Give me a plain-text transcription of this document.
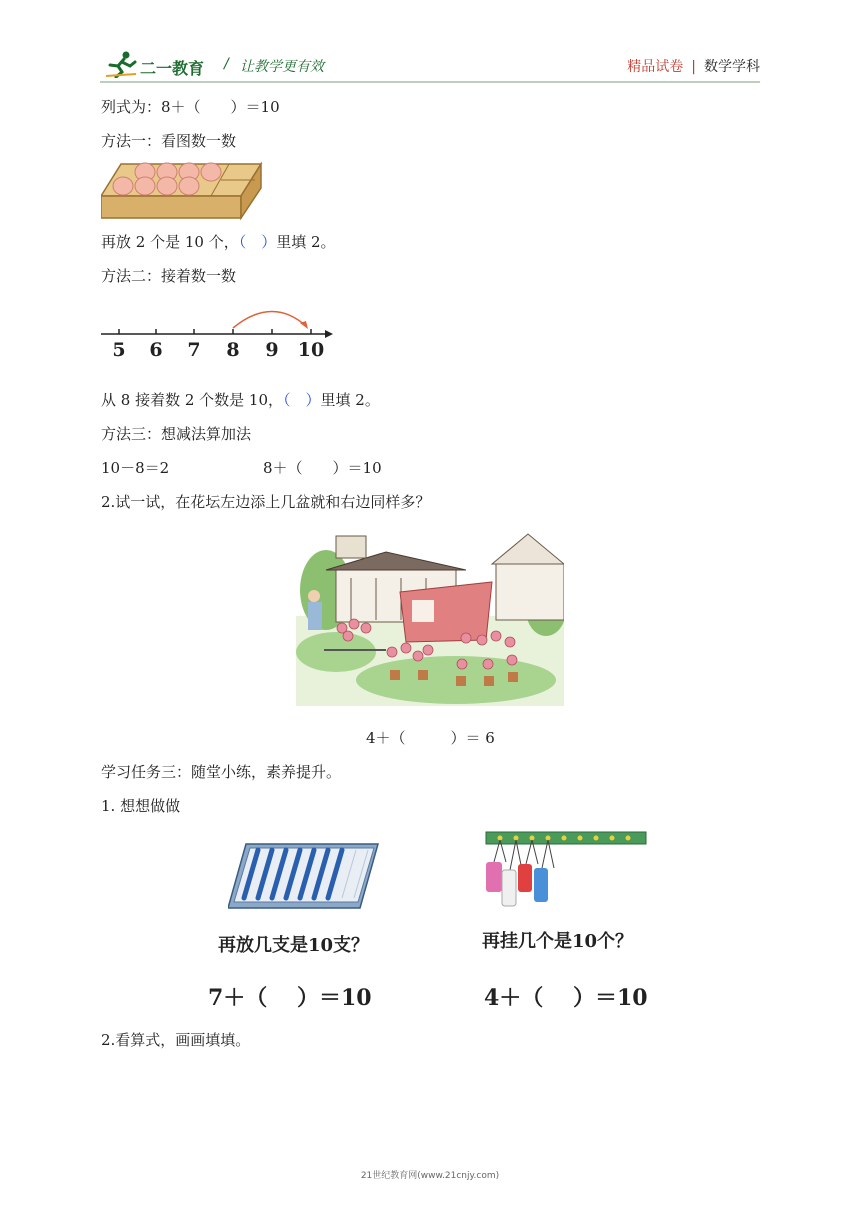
二一教育 / 让教学更有效	精品试卷 | 数学学科
列式为：8＋（　　）＝10
方法一：看图数一数
再放 2 个是 10 个，（　）里填 2。
方法二：接着数一数
5 6 7 8 9 10
从 8 接着数 2 个数是 10，（　）里填 2。
方法三：想减法算加法
10－8＝2	8＋（　　）＝10
2.试一试，在花坛左边添上几盆就和右边同样多？
4＋（　　　）＝ 6
学习任务三：随堂小练，素养提升。
1. 想想做做
再放几支是10支？	再挂几个是10个？
7＋（　 ）＝10	4＋（　 ）＝10
2.看算式，画画填填。
21世纪教育网(www.21cnjy.com)
